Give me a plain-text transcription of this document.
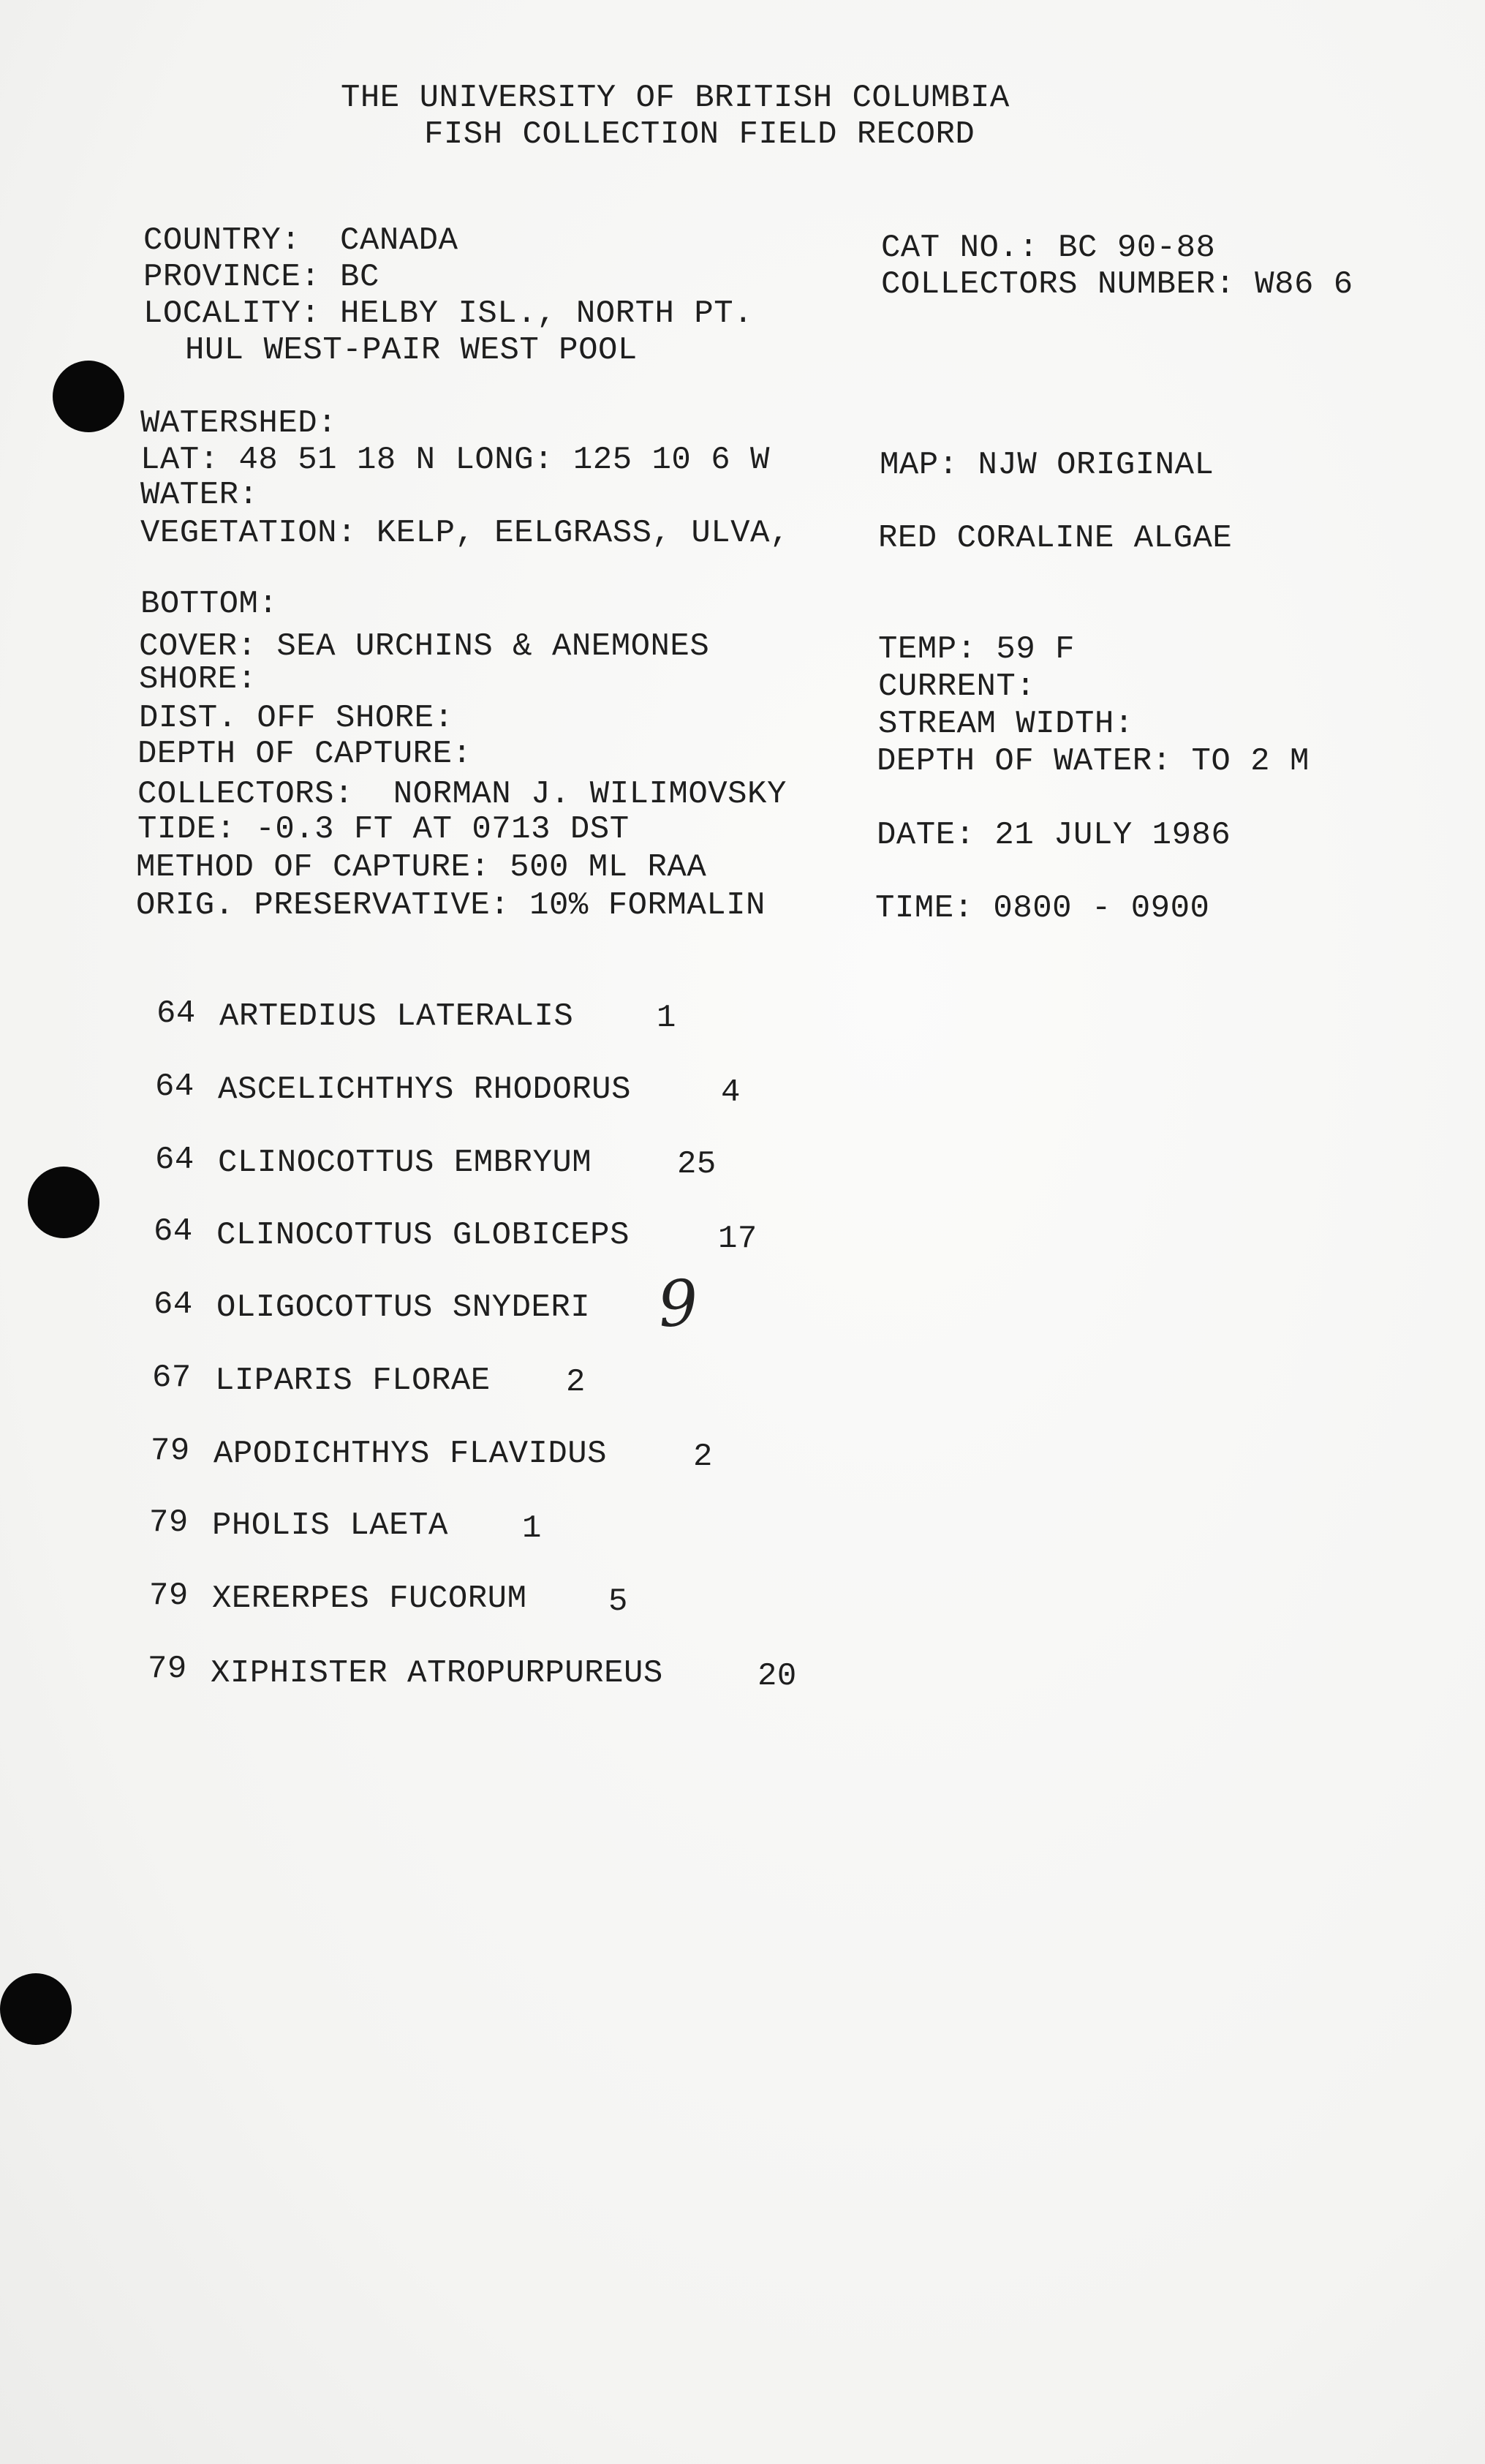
THE UNIVERSITY OF BRITISH COLUMBIA
FISH COLLECTION FIELD RECORD
COUNTRY:  CANADA
PROVINCE: BC
LOCALITY: HELBY ISL., NORTH PT.
HUL WEST-PAIR WEST POOL
WATERSHED:
LAT: 48 51 18 N LONG: 125 10 6 W
WATER:
VEGETATION: KELP, EELGRASS, ULVA,
BOTTOM:
COVER: SEA URCHINS & ANEMONES
SHORE:
DIST. OFF SHORE:
DEPTH OF CAPTURE:
COLLECTORS:  NORMAN J. WILIMOVSKY
TIDE: -0.3 FT AT 0713 DST
METHOD OF CAPTURE: 500 ML RAA
ORIG. PRESERVATIVE: 10% FORMALIN
CAT NO.: BC 90-88
COLLECTORS NUMBER: W86 6
MAP: NJW ORIGINAL
RED CORALINE ALGAE
TEMP: 59 F
CURRENT:
STREAM WIDTH:
DEPTH OF WATER: TO 2 M
DATE: 21 JULY 1986
TIME: 0800 - 0900
64 ARTEDIUS LATERALIS	1
64 ASCELICHTHYS RHODORUS	4
64 CLINOCOTTUS EMBRYUM	25
64 CLINOCOTTUS GLOBICEPS	17
64 OLIGOCOTTUS SNYDERI 9
67 LIPARIS FLORAE 2
79 APODICHTHYS FLAVIDUS	2
79 PHOLIS LAETA 1
79 XERERPES FUCORUM	5
79 XIPHISTER ATROPURPUREUS	20
